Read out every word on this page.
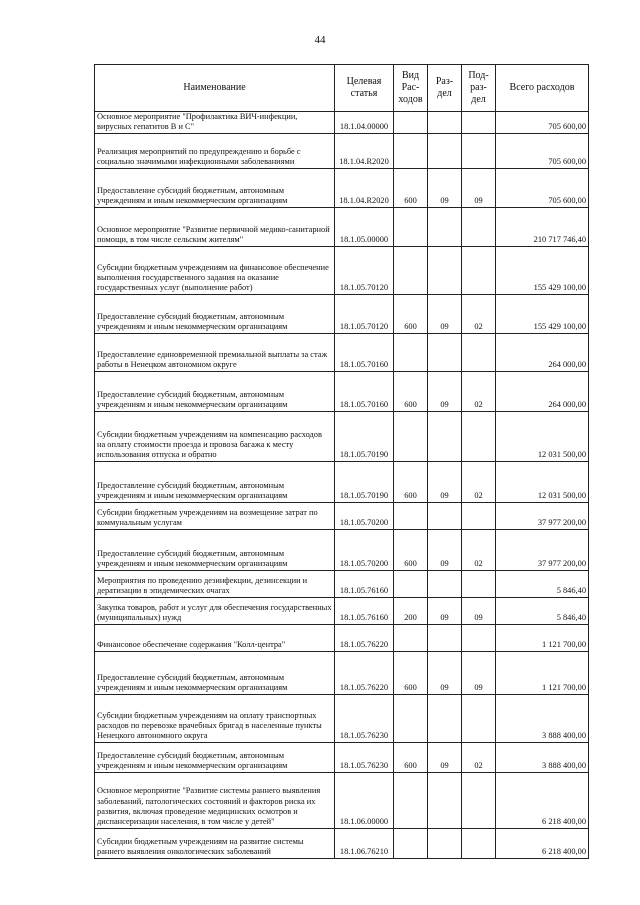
44
Наименование	Целевая статья	Вид Рас-ходов	Раз-дел	Под-раз-дел	Всего расходов
Основное мероприятие "Профилактика ВИЧ-инфекции, вирусных гепатитов В и С"	18.1.04.00000				705 600,00
Реализация мероприятий по предупреждению и борьбе с социально значимыми инфекционными заболеваниями	18.1.04.R2020				705 600,00
Предоставление субсидий бюджетным, автономным учреждениям и иным некоммерческим организациям	18.1.04.R2020	600	09	09	705 600,00
Основное мероприятие "Развитие первичной медико-санитарной помощи, в том числе сельским жителям"	18.1.05.00000				210 717 746,40
Субсидии бюджетным учреждениям на финансовое обеспечение выполнения государственного задания на оказание государственных услуг (выполнение работ)	18.1.05.70120				155 429 100,00
Предоставление субсидий бюджетным, автономным учреждениям и иным некоммерческим организациям	18.1.05.70120	600	09	02	155 429 100,00
Предоставление единовременной премиальной выплаты за стаж работы в Ненецком автономном округе	18.1.05.70160				264 000,00
Предоставление субсидий бюджетным, автономным учреждениям и иным некоммерческим организациям	18.1.05.70160	600	09	02	264 000,00
Субсидии бюджетным учреждениям на компенсацию расходов на оплату стоимости проезда и провоза багажа к месту использования отпуска и обратно	18.1.05.70190				12 031 500,00
Предоставление субсидий бюджетным, автономным учреждениям и иным некоммерческим организациям	18.1.05.70190	600	09	02	12 031 500,00
Субсидии бюджетным учреждениям на возмещение затрат по коммунальным услугам	18.1.05.70200				37 977 200,00
Предоставление субсидий бюджетным, автономным учреждениям и иным некоммерческим организациям	18.1.05.70200	600	09	02	37 977 200,00
Мероприятия по проведению дезинфекции, дезинсекции и дератизации в эпидемических очагах	18.1.05.76160				5 846,40
Закупка товаров, работ и услуг для обеспечения государственных (муниципальных) нужд	18.1.05.76160	200	09	09	5 846,40
Финансовое обеспечение содержания "Колл-центра"	18.1.05.76220				1 121 700,00
Предоставление субсидий бюджетным, автономным учреждениям и иным некоммерческим организациям	18.1.05.76220	600	09	09	1 121 700,00
Субсидии бюджетным учреждениям на оплату транспортных расходов по перевозке врачебных бригад в населенные пункты Ненецкого автономного округа	18.1.05.76230				3 888 400,00
Предоставление субсидий бюджетным, автономным учреждениям и иным некоммерческим организациям	18.1.05.76230	600	09	02	3 888 400,00
Основное мероприятие "Развитие системы раннего выявления заболеваний, патологических состояний и факторов риска их развития, включая проведение медицинских осмотров и диспансеризации населения, в том числе у детей"	18.1.06.00000				6 218 400,00
Субсидии бюджетным учреждениям на развитие системы раннего выявления онкологических заболеваний	18.1.06.76210				6 218 400,00
